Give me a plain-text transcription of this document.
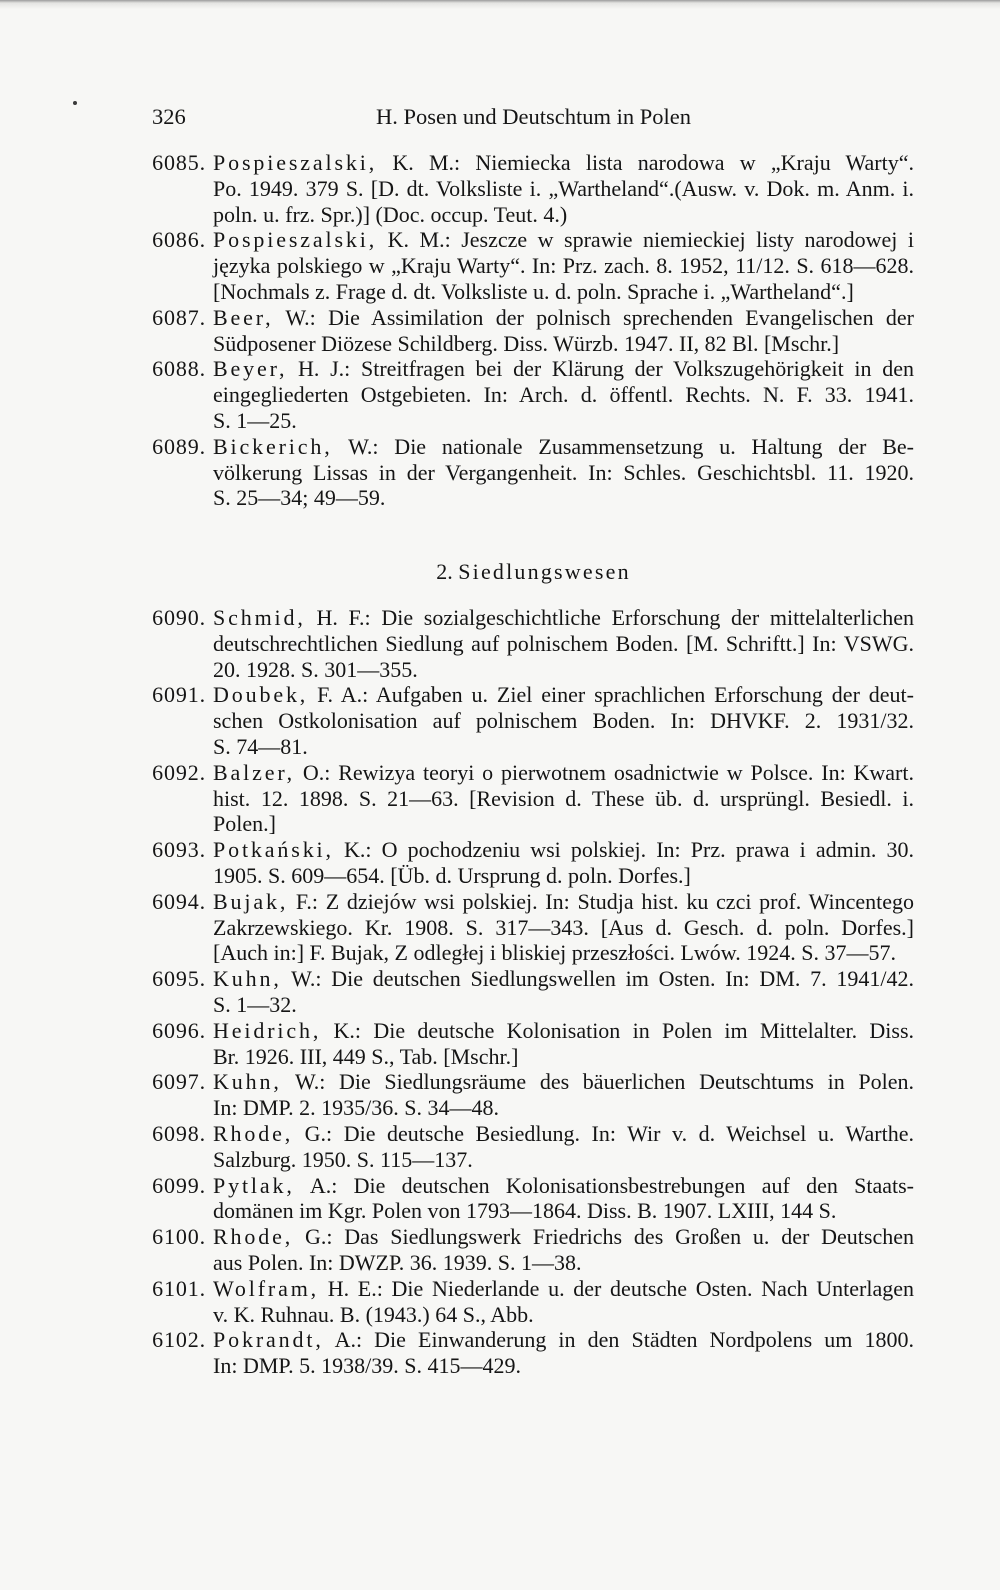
326	H. Posen und Deutschtum in Polen
6085. Pospieszalski, K. M.: Niemiecka lista narodowa w „Kraju Warty“.
Po. 1949. 379 S. [D. dt. Volksliste i. „Wartheland“.(Ausw. v. Dok. m. Anm. i.
poln. u. frz. Spr.)] (Doc. occup. Teut. 4.)
6086. Pospieszalski, K. M.: Jeszcze w sprawie niemieckiej listy narodowej i
języka polskiego w „Kraju Warty“. In: Prz. zach. 8. 1952, 11/12. S. 618—628.
[Nochmals z. Frage d. dt. Volksliste u. d. poln. Sprache i. „Wartheland“.]
6087. Beer, W.: Die Assimilation der polnisch sprechenden Evangelischen der
Südposener Diözese Schildberg. Diss. Würzb. 1947. II, 82 Bl. [Mschr.]
6088. Beyer, H. J.: Streitfragen bei der Klärung der Volkszugehörigkeit in den
eingegliederten Ostgebieten. In: Arch. d. öffentl. Rechts. N. F. 33. 1941.
S. 1—25.
6089. Bickerich, W.: Die nationale Zusammensetzung u. Haltung der Be-
völkerung Lissas in der Vergangenheit. In: Schles. Geschichtsbl. 11. 1920.
S. 25—34; 49—59.
2. Siedlungswesen
6090. Schmid, H. F.: Die sozialgeschichtliche Erforschung der mittelalterlichen
deutschrechtlichen Siedlung auf polnischem Boden. [M. Schriftt.] In: VSWG.
20. 1928. S. 301—355.
6091. Doubek, F. A.: Aufgaben u. Ziel einer sprachlichen Erforschung der deut-
schen Ostkolonisation auf polnischem Boden. In: DHVKF. 2. 1931/32.
S. 74—81.
6092. Balzer, O.: Rewizya teoryi o pierwotnem osadnictwie w Polsce. In: Kwart.
hist. 12. 1898. S. 21—63. [Revision d. These üb. d. ursprüngl. Besiedl. i.
Polen.]
6093. Potkański, K.: O pochodzeniu wsi polskiej. In: Prz. prawa i admin. 30.
1905. S. 609—654. [Üb. d. Ursprung d. poln. Dorfes.]
6094. Bujak, F.: Z dziejów wsi polskiej. In: Studja hist. ku czci prof. Wincentego
Zakrzewskiego. Kr. 1908. S. 317—343. [Aus d. Gesch. d. poln. Dorfes.]
[Auch in:] F. Bujak, Z odległej i bliskiej przeszłości. Lwów. 1924. S. 37—57.
6095. Kuhn, W.: Die deutschen Siedlungswellen im Osten. In: DM. 7. 1941/42.
S. 1—32.
6096. Heidrich, K.: Die deutsche Kolonisation in Polen im Mittelalter. Diss.
Br. 1926. III, 449 S., Tab. [Mschr.]
6097. Kuhn, W.: Die Siedlungsräume des bäuerlichen Deutschtums in Polen.
In: DMP. 2. 1935/36. S. 34—48.
6098. Rhode, G.: Die deutsche Besiedlung. In: Wir v. d. Weichsel u. Warthe.
Salzburg. 1950. S. 115—137.
6099. Pytlak, A.: Die deutschen Kolonisationsbestrebungen auf den Staats-
domänen im Kgr. Polen von 1793—1864. Diss. B. 1907. LXIII, 144 S.
6100. Rhode, G.: Das Siedlungswerk Friedrichs des Großen u. der Deutschen
aus Polen. In: DWZP. 36. 1939. S. 1—38.
6101. Wolfram, H. E.: Die Niederlande u. der deutsche Osten. Nach Unterlagen
v. K. Ruhnau. B. (1943.) 64 S., Abb.
6102. Pokrandt, A.: Die Einwanderung in den Städten Nordpolens um 1800.
In: DMP. 5. 1938/39. S. 415—429.
